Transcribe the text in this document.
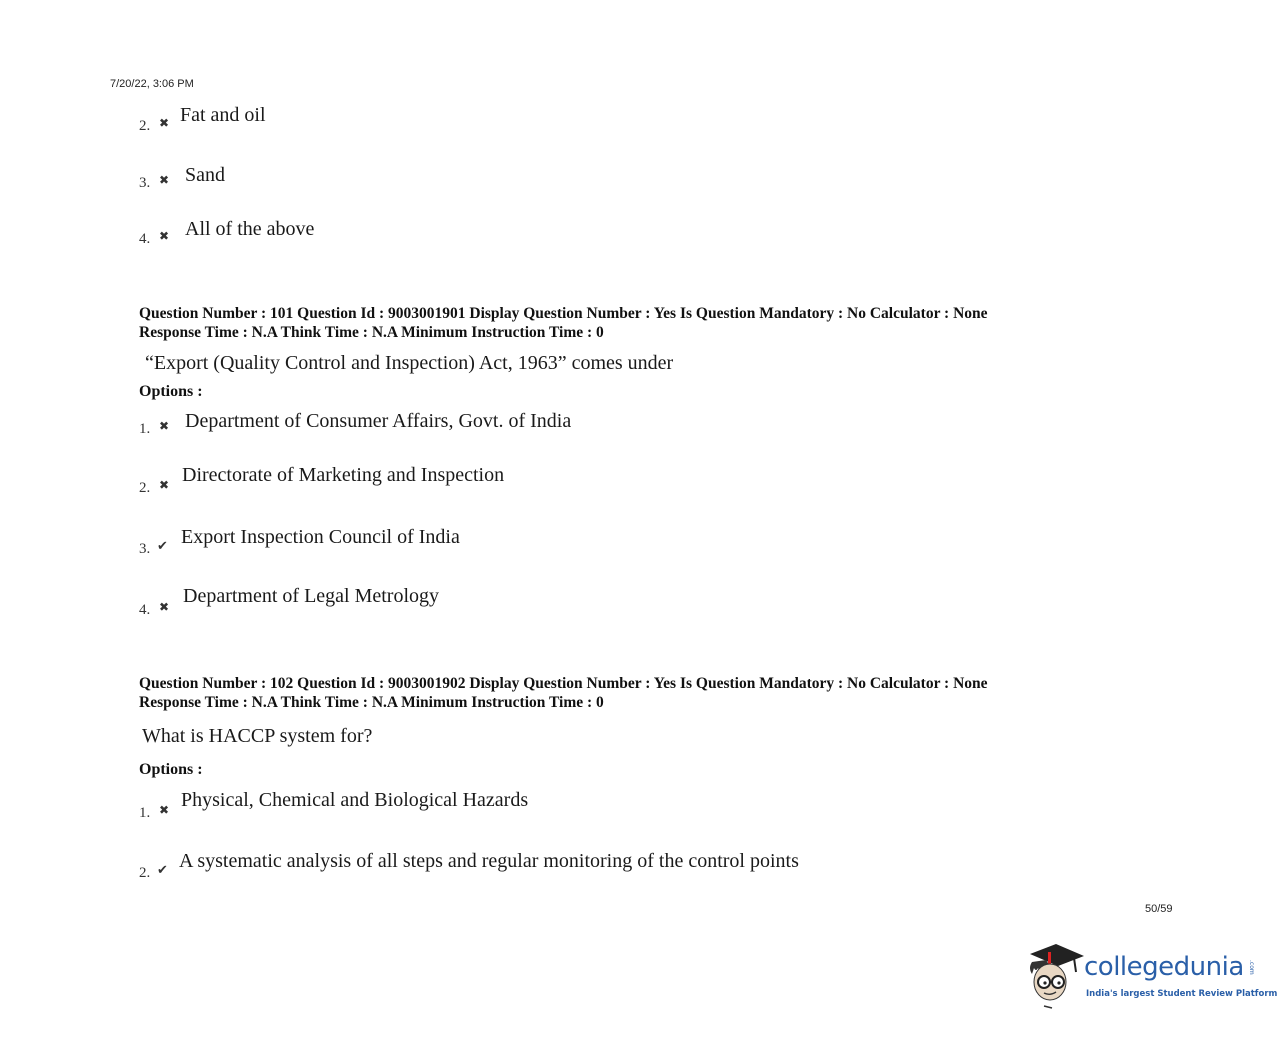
7/20/22, 3:06 PM
2. ✖ Fat and oil
3. ✖ Sand
4. ✖ All of the above
Question Number : 101 Question Id : 9003001901 Display Question Number : Yes Is Question Mandatory : No Calculator : None
Response Time : N.A Think Time : N.A Minimum Instruction Time : 0
“Export (Quality Control and Inspection) Act, 1963” comes under
Options :
1. ✖ Department of Consumer Affairs, Govt. of India
2. ✖ Directorate of Marketing and Inspection
3. ✔ Export Inspection Council of India
4. ✖ Department of Legal Metrology
Question Number : 102 Question Id : 9003001902 Display Question Number : Yes Is Question Mandatory : No Calculator : None
Response Time : N.A Think Time : N.A Minimum Instruction Time : 0
What is HACCP system for?
Options :
1. ✖ Physical, Chemical and Biological Hazards
2. ✔ A systematic analysis of all steps and regular monitoring of the control points
50/59
collegedunia .com
India's largest Student Review Platform
